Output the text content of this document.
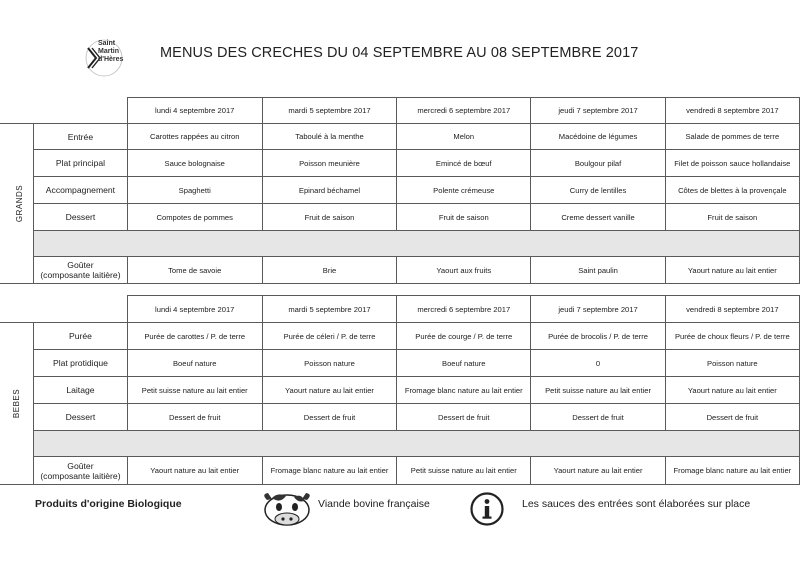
Saint
Martin
d'Hères	MENUS DES CRECHES DU 04 SEPTEMBRE AU 08 SEPTEMBRE 2017
		lundi 4 septembre 2017	mardi 5 septembre 2017	mercredi 6 septembre 2017	jeudi 7 septembre 2017	vendredi 8 septembre 2017
GRANDS	Entrée	Carottes rappées au citron	Taboulé à la menthe	Melon	Macédoine de légumes	Salade de pommes de terre
	Plat principal	Sauce bolognaise	Poisson meunière	Emincé de bœuf	Boulgour pilaf	Filet de poisson sauce hollandaise
	Accompagnement	Spaghetti	Epinard béchamel	Polente crémeuse	Curry de lentilles	Côtes de blettes à la provençale
	Dessert	Compotes de pommes	Fruit de saison	Fruit de saison	Creme dessert vanille	Fruit de saison

	Goûter
(composante laitière)	Tome de savoie	Brie	Yaourt aux fruits	Saint paulin	Yaourt nature au lait entier
		lundi 4 septembre 2017	mardi 5 septembre 2017	mercredi 6 septembre 2017	jeudi 7 septembre 2017	vendredi 8 septembre 2017
BEBES	Purée	Purée de carottes / P. de terre	Purée de céleri / P. de terre	Purée de courge / P. de terre	Purée de brocolis / P. de terre	Purée de choux fleurs / P. de terre
	Plat protidique	Boeuf nature	Poisson nature	Boeuf nature	0	Poisson nature
	Laitage	Petit suisse nature au lait entier	Yaourt nature au lait entier	Fromage blanc nature au lait entier	Petit suisse nature au lait entier	Yaourt nature au lait entier
	Dessert	Dessert de fruit	Dessert de fruit	Dessert de fruit	Dessert de fruit	Dessert de fruit

	Goûter
(composante laitière)	Yaourt nature au lait entier	Fromage blanc nature au lait entier	Petit suisse nature au lait entier	Yaourt nature au lait entier	Fromage blanc nature au lait entier
Produits d'origine Biologique	Viande bovine française	Les sauces des entrées sont élaborées sur place
